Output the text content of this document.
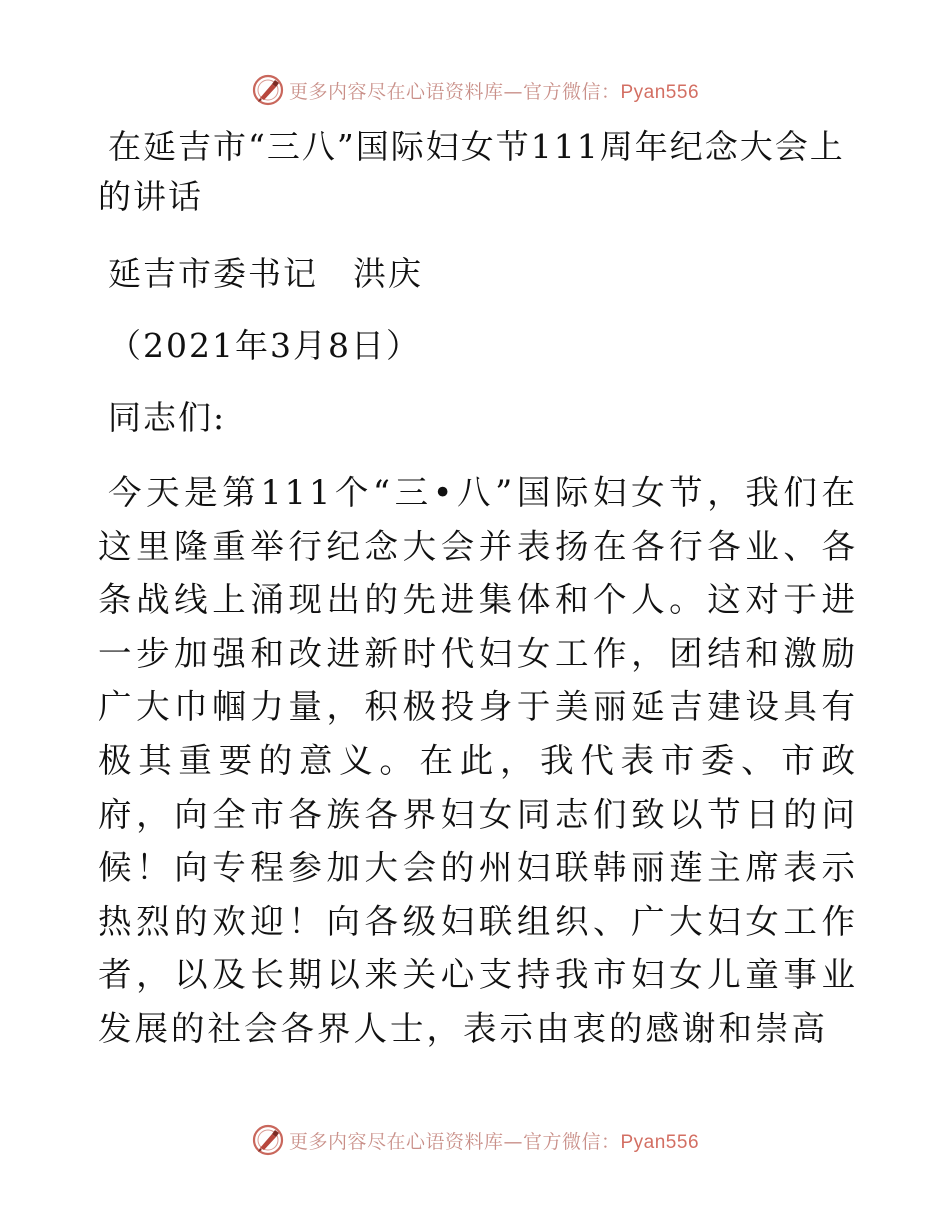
更多内容尽在心语资料库—官方微信：Pyan556
在延吉市“三八”国际妇女节111周年纪念大会上的讲话

延吉市委书记　洪庆

（2021年3月8日）

同志们:

今天是第111个“三•八”国际妇女节，我们在这里隆重举行纪念大会并表扬在各行各业、各条战线上涌现出的先进集体和个人。这对于进一步加强和改进新时代妇女工作，团结和激励广大巾帼力量，积极投身于美丽延吉建设具有极其重要的意义。在此，我代表市委、市政府，向全市各族各界妇女同志们致以节日的问候！向专程参加大会的州妇联韩丽莲主席表示热烈的欢迎！向各级妇联组织、广大妇女工作者，以及长期以来关心支持我市妇女儿童事业发展的社会各界人士，表示由衷的感谢和崇高

更多内容尽在心语资料库—官方微信：Pyan556
